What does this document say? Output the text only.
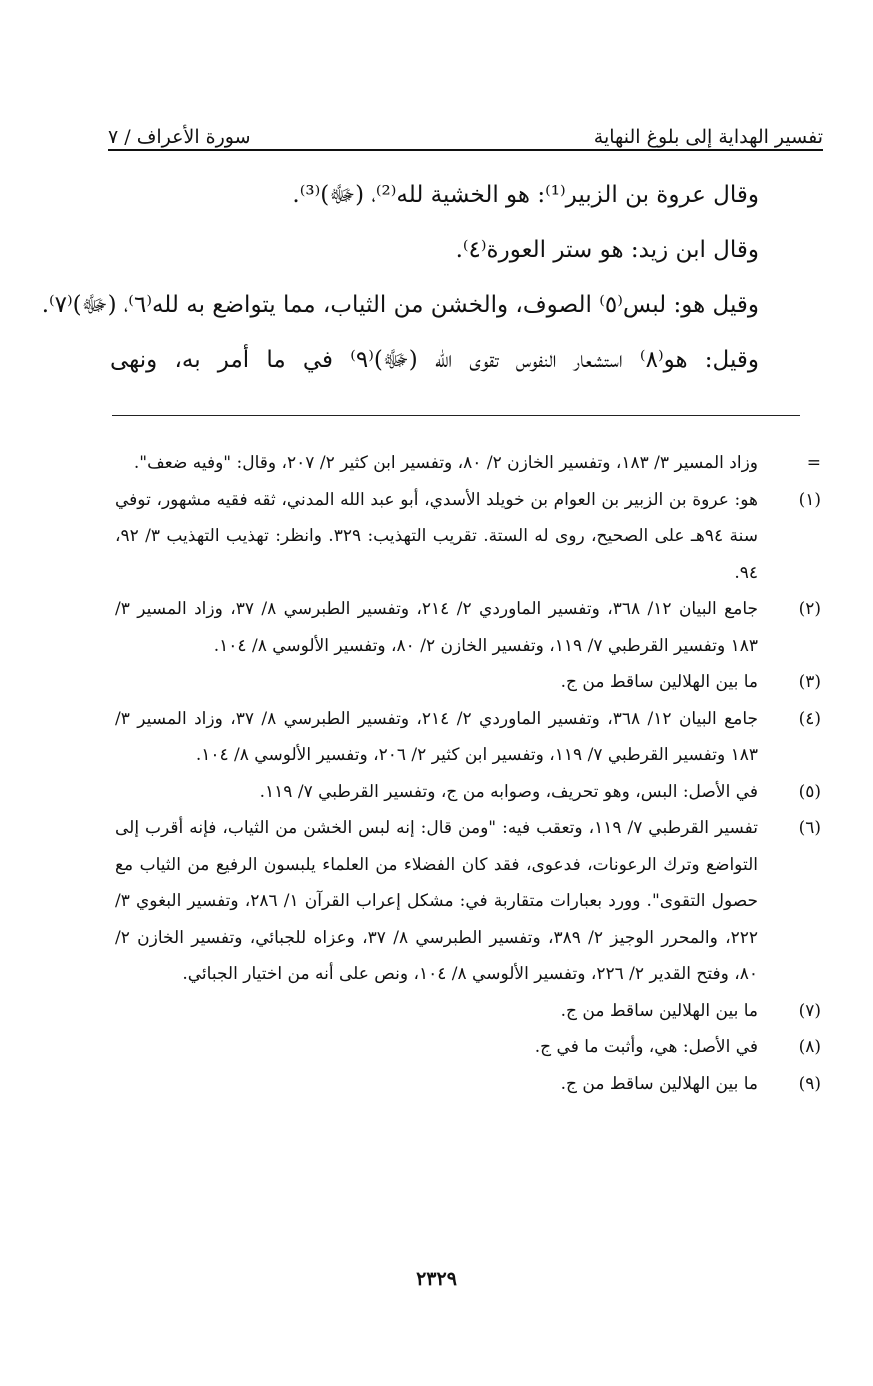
تفسير الهداية إلى بلوغ النهاية
سورة الأعراف / ٧

وقال عروة بن الزبير⁽¹⁾: هو الخشية لله⁽²⁾، (ﷻ)⁽³⁾.

وقال ابن زيد: هو ستر العورة⁽٤⁾.

وقيل هو: لبس⁽٥⁾ الصوف، والخشن من الثياب، مما يتواضع به لله⁽٦⁾، (ﷻ)⁽٧⁾.

وقيل: هو⁽٨⁾ استشعار النفوس تقوى الله (ﷻ)⁽٩⁾ في ما أمر به، ونهى

=
وزاد المسير ٣/ ١٨٣، وتفسير الخازن ٢/ ٨٠، وتفسير ابن كثير ٢/ ٢٠٧، وقال: "وفيه ضعف".
(١)
هو: عروة بن الزبير بن العوام بن خويلد الأسدي، أبو عبد الله المدني، ثقه فقيه مشهور، توفي سنة ٩٤هـ على الصحيح، روى له الستة. تقريب التهذيب: ٣٢٩. وانظر: تهذيب التهذيب ٣/ ٩٢، ٩٤.
(٢)
جامع البيان ١٢/ ٣٦٨، وتفسير الماوردي ٢/ ٢١٤، وتفسير الطبرسي ٨/ ٣٧، وزاد المسير ٣/ ١٨٣ وتفسير القرطبي ٧/ ١١٩، وتفسير الخازن ٢/ ٨٠، وتفسير الألوسي ٨/ ١٠٤.
(٣)
ما بين الهلالين ساقط من ج.
(٤)
جامع البيان ١٢/ ٣٦٨، وتفسير الماوردي ٢/ ٢١٤، وتفسير الطبرسي ٨/ ٣٧، وزاد المسير ٣/ ١٨٣ وتفسير القرطبي ٧/ ١١٩، وتفسير ابن كثير ٢/ ٢٠٦، وتفسير الألوسي ٨/ ١٠٤.
(٥)
في الأصل: البس، وهو تحريف، وصوابه من ج، وتفسير القرطبي ٧/ ١١٩.
(٦)
تفسير القرطبي ٧/ ١١٩، وتعقب فيه: "ومن قال: إنه لبس الخشن من الثياب، فإنه أقرب إلى التواضع وترك الرعونات، فدعوى، فقد كان الفضلاء من العلماء يلبسون الرفيع من الثياب مع حصول التقوى". وورد بعبارات متقاربة في: مشكل إعراب القرآن ١/ ٢٨٦، وتفسير البغوي ٣/ ٢٢٢، والمحرر الوجيز ٢/ ٣٨٩، وتفسير الطبرسي ٨/ ٣٧، وعزاه للجبائي، وتفسير الخازن ٢/ ٨٠، وفتح القدير ٢/ ٢٢٦، وتفسير الألوسي ٨/ ١٠٤، ونص على أنه من اختيار الجبائي.
(٧)
ما بين الهلالين ساقط من ج.
(٨)
في الأصل: هي، وأثبت ما في ج.
(٩)
ما بين الهلالين ساقط من ج.
٢٣٢٩
